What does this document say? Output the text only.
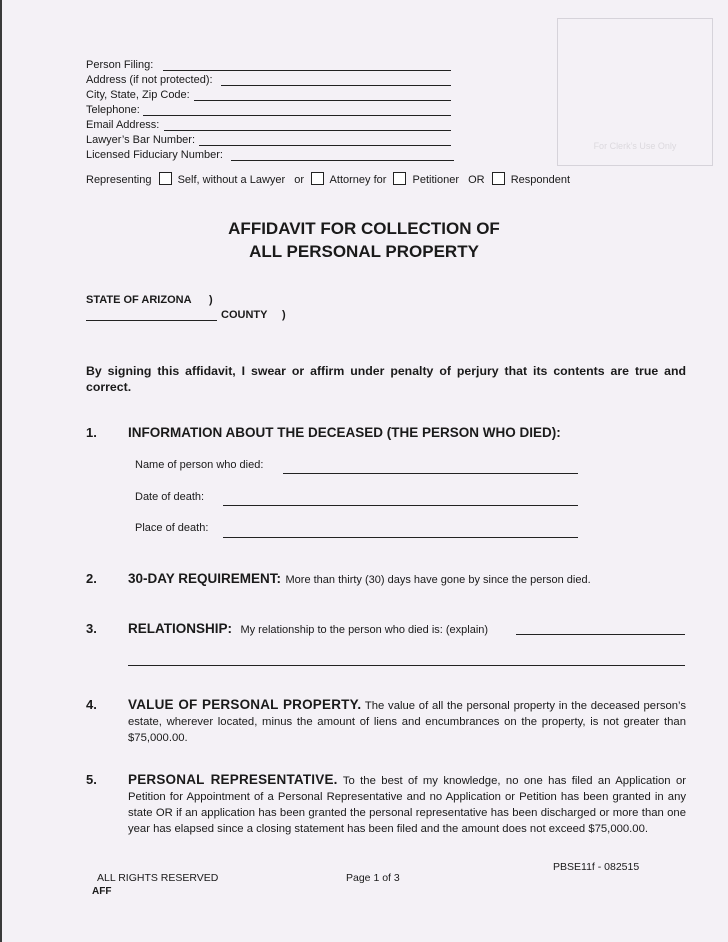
Person Filing:
Address (if not protected):
City, State, Zip Code:
Telephone:
Email Address:
Lawyer’s Bar Number:
Licensed Fiduciary Number:
For Clerk’s Use Only
Representing Self, without a Lawyer or Attorney for Petitioner OR Respondent
AFFIDAVIT FOR COLLECTION OF
ALL PERSONAL PROPERTY
STATE OF ARIZONA )
COUNTY )
By signing this affidavit, I swear or affirm under penalty of perjury that its contents are true and correct.
1. INFORMATION ABOUT THE DECEASED (THE PERSON WHO DIED):
Name of person who died:
Date of death:
Place of death:
2. 30-DAY REQUIREMENT: More than thirty (30) days have gone by since the person died.
3. RELATIONSHIP: My relationship to the person who died is: (explain)
4. VALUE OF PERSONAL PROPERTY. The value of all the personal property in the deceased person’s estate, wherever located, minus the amount of liens and encumbrances on the property, is not greater than $75,000.00.
5. PERSONAL REPRESENTATIVE. To the best of my knowledge, no one has filed an Application or Petition for Appointment of a Personal Representative and no Application or Petition has been granted in any state OR if an application has been granted the personal representative has been discharged or more than one year has elapsed since a closing statement has been filed and the amount does not exceed $75,000.00.
PBSE11f - 082515
ALL RIGHTS RESERVED	Page 1 of 3
AFF
